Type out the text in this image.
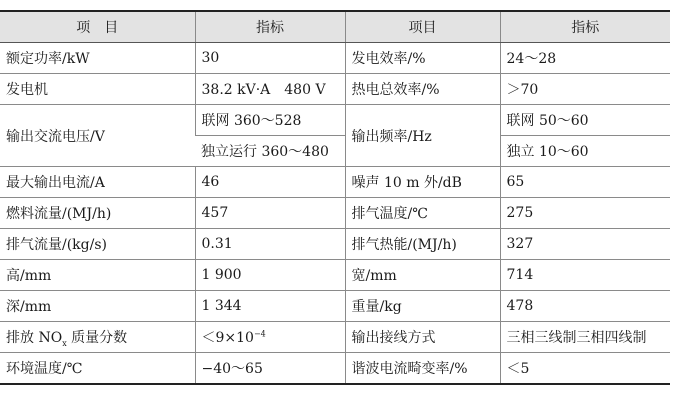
项　目	指标	项目	指标
额定功率/kW	30	发电效率/%	24～28
发电机	38.2 kV·A　480 V	热电总效率/%	＞70
输出交流电压/V	联网 360～528	输出频率/Hz	联网 50～60
	独立运行 360～480		独立 10～60
最大输出电流/A	46	噪声 10 m 外/dB	65
燃料流量/(MJ/h)	457	排气温度/℃	275
排气流量/(kg/s)	0.31	排气热能/(MJ/h)	327
高/mm	1 900	宽/mm	714
深/mm	1 344	重量/kg	478
排放 $NO_x$ 质量分数	$<9\times 10^{-4}$	输出接线方式	三相三线制三相四线制
环境温度/℃	−40～65	谐波电流畸变率/%	＜5
